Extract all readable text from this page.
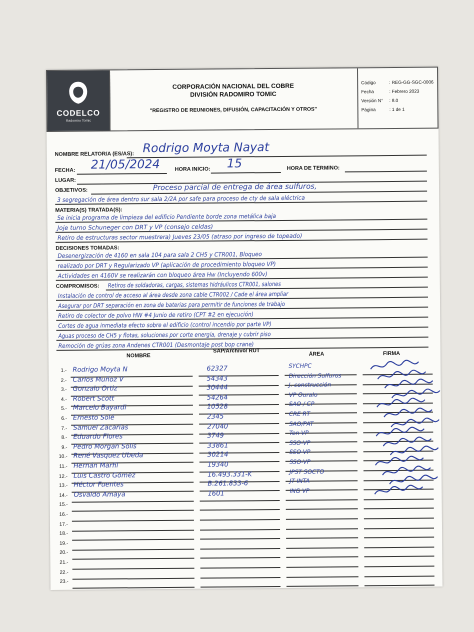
CODELCO
Radomiro Tomic
CORPORACIÓN NACIONAL DEL COBRE
DIVISIÓN RADOMIRO TOMIC
"REGISTRO DE REUNIONES, DIFUSIÓN, CAPACITACIÓN Y OTROS"
Código	: REG-GG-SGC-0006
Fecha	: Febrero 2023
Versión N°	: 8.0
Página	: 1 de 1
NOMBRE RELATOR/A (ES/AS): Rodrigo Moyta Nayat
FECHA: 21/05/2024	HORA INICIO: 15	HORA DE TERMINO:
LUGAR:
OBJETIVOS:	Proceso parcial de entrega de área sulfuros,
3 segregación de área dentro sur sala 2/2A por safe para proceso de cty de sala eléctrica
MATERIA(S) TRATADA(S):
Se inicia programa de limpieza del edificio Pendiente borde zona metálica baja
Joje turno Schuneger con DRT y VP (consejo celdas)
Retiro de estructuras sector muestrera) Jueves 23/05 (atraso por ingreso de topeado)
DECISIONES TOMADAS:
Desenergización de 4160 en sala 104 para sala 2 CH5 y CTR001, Bloqueo
realizado por DRT y Regularizado VP (aplicación de procedimiento bloqueo VP)
Actividades en 4160V se realizarán con bloqueo área Hw (Incluyendo 600v)
COMPROMISOS: Retiros de soldadoras, cargas, sistemas hidráulicos CTR001, salones
Instalación de control de acceso al área desde zona cable CTR002 / Cade el área ampliar
Asegurar por DRT separación en zona de baterías para permitir de funciones de trabajo
Retiro de colector de polvo HW #4 Junio de retiro (CPT #2 en ejecución)
Cortes de agua inmediata efecto sobre el edificio (control incendio por parte VP)
Aguas proceso de CH5 y flotas, soluciones por corte energía, drenaje y cubrir piso
Remoción de grúas zona Andenes CTR001 (Desmontaje post bop crane)
NOMBRE
SAP/Archivo/ RUT
ÁREA	FIRMA
1.- Rodrigo Moyta N	62327	SYCHPC
2.- Carlos Muñoz V	54343	Dirección Sulfuros
3.- Gonzalo Ortiz	30444	J. construcción
4.- Robert Scott	54264	VP Ouralo
5.- Marcelo Bayardi	10528	SAO / CP
6.- Ernesto Solé	2345	CRE RT
7.- Samuel Zacarías	27040	SAO/PAT
8.- Eduardo Flores	3749	Ten-VP
9.- Pedro Morgan Solís	33861	SSO-VP
10.- René Vasquez Ubeda	30214	SSO-VP
11.- Hernán Marfil	19340	SSO-VP
12.- Luis Castro Gómez	16.493.331-K	JPST SOCTO
13.- Héctor Fuentes	B.261.833-6	JT INTA
14.- Osvaldo Amaya	1601	ING VP
15.-
16.-
17.-
18.-
19.-
20.-
21.-
22.-
23.-
